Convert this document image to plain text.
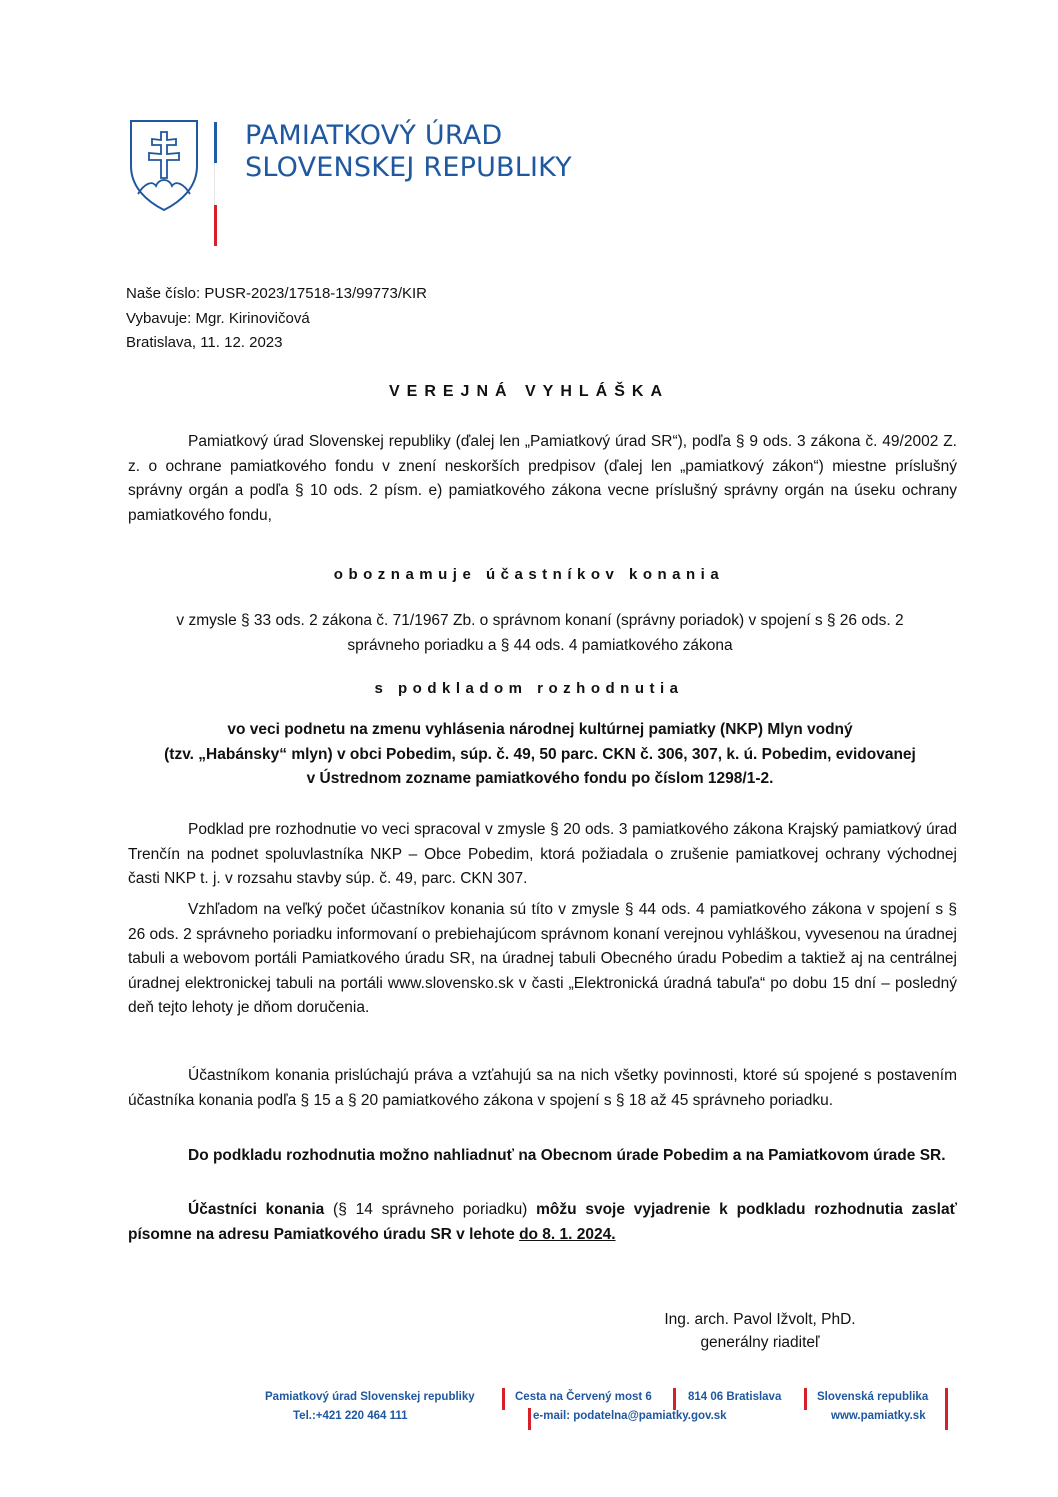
PAMIATKOVÝ ÚRAD
SLOVENSKEJ REPUBLIKY
Naše číslo: PUSR-2023/17518-13/99773/KIR
Vybavuje: Mgr. Kirinovičová
Bratislava, 11. 12. 2023
VEREJNÁ VYHLÁŠKA
Pamiatkový úrad Slovenskej republiky (ďalej len „Pamiatkový úrad SR“), podľa § 9 ods. 3 zákona č. 49/2002 Z. z. o ochrane pamiatkového fondu v znení neskorších predpisov (ďalej len „pamiatkový zákon“) miestne príslušný správny orgán a podľa § 10 ods. 2 písm. e) pamiatkového zákona vecne príslušný správny orgán na úseku ochrany pamiatkového fondu,
oboznamuje účastníkov konania
v zmysle § 33 ods. 2 zákona č. 71/1967 Zb. o správnom konaní (správny poriadok) v spojení s § 26 ods. 2
správneho poriadku a § 44 ods. 4 pamiatkového zákona
s podkladom rozhodnutia
vo veci podnetu na zmenu vyhlásenia národnej kultúrnej pamiatky (NKP) Mlyn vodný
(tzv. „Habánsky“ mlyn) v obci Pobedim, súp. č. 49, 50 parc. CKN č. 306, 307, k. ú. Pobedim, evidovanej
v Ústrednom zozname pamiatkového fondu po číslom 1298/1-2.
Podklad pre rozhodnutie vo veci spracoval v zmysle § 20 ods. 3 pamiatkového zákona Krajský pamiatkový úrad Trenčín na podnet spoluvlastníka NKP – Obce Pobedim, ktorá požiadala o zrušenie pamiatkovej ochrany východnej časti NKP t. j. v rozsahu stavby súp. č. 49, parc. CKN 307.
Vzhľadom na veľký počet účastníkov konania sú títo v zmysle § 44 ods. 4 pamiatkového zákona v spojení s § 26 ods. 2 správneho poriadku informovaní o prebiehajúcom správnom konaní verejnou vyhláškou, vyvesenou na úradnej tabuli a webovom portáli Pamiatkového úradu SR, na úradnej tabuli Obecného úradu Pobedim a taktiež aj na centrálnej úradnej elektronickej tabuli na portáli www.slovensko.sk v časti „Elektronická úradná tabuľa“ po dobu 15 dní – posledný deň tejto lehoty je dňom doručenia.
Účastníkom konania prislúchajú práva a vzťahujú sa na nich všetky povinnosti, ktoré sú spojené s postavením účastníka konania podľa § 15 a § 20 pamiatkového zákona v spojení s § 18 až 45 správneho poriadku.
Do podkladu rozhodnutia možno nahliadnuť na Obecnom úrade Pobedim a na Pamiatkovom úrade SR.
Účastníci konania (§ 14 správneho poriadku) môžu svoje vyjadrenie k podkladu rozhodnutia zaslať písomne na adresu Pamiatkového úradu SR v lehote do 8. 1. 2024.
Ing. arch. Pavol Ižvolt, PhD.
generálny riaditeľ
Pamiatkový úrad Slovenskej republiky
Tel.:+421 220 464 111
Cesta na Červený most 6
e-mail: podatelna@pamiatky.gov.sk
814 06 Bratislava	Slovenská republika
www.pamiatky.sk
